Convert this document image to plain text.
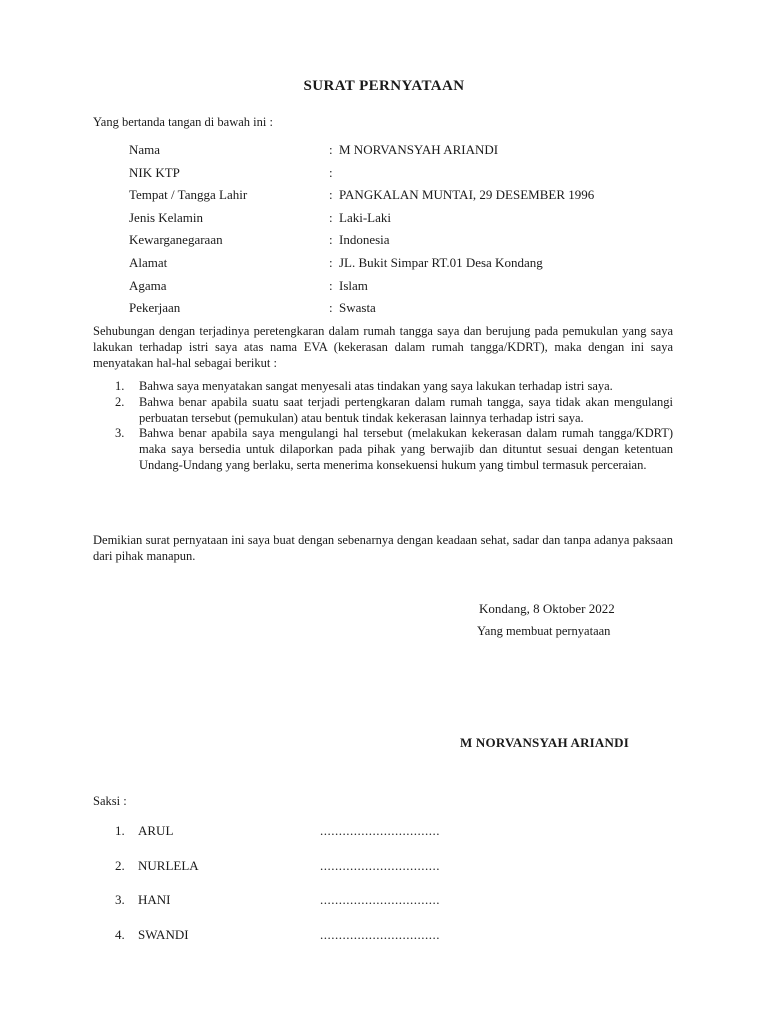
SURAT PERNYATAAN
Yang bertanda tangan di bawah ini :
Nama	: M NORVANSYAH ARIANDI
NIK KTP	:
Tempat / Tangga Lahir	: PANGKALAN MUNTAI, 29 DESEMBER 1996
Jenis Kelamin	: Laki-Laki
Kewarganegaraan	: Indonesia
Alamat	: JL. Bukit Simpar RT.01 Desa Kondang
Agama	: Islam
Pekerjaan	: Swasta
Sehubungan dengan terjadinya peretengkaran dalam rumah tangga saya dan berujung pada pemukulan yang saya lakukan terhadap istri saya atas nama EVA (kekerasan dalam rumah tangga/KDRT), maka dengan ini saya menyatakan hal-hal sebagai berikut :
1. Bahwa saya menyatakan sangat menyesali atas tindakan yang saya lakukan terhadap istri saya.
2. Bahwa benar apabila suatu saat terjadi pertengkaran dalam rumah tangga, saya tidak akan mengulangi perbuatan tersebut (pemukulan) atau bentuk tindak kekerasan lainnya terhadap istri saya.
3. Bahwa benar apabila saya mengulangi hal tersebut (melakukan kekerasan dalam rumah tangga/KDRT) maka saya bersedia untuk dilaporkan pada pihak yang berwajib dan dituntut sesuai dengan ketentuan Undang-Undang yang berlaku, serta menerima konsekuensi hukum yang timbul termasuk perceraian.
Demikian surat pernyataan ini saya buat dengan sebenarnya dengan keadaan sehat, sadar dan tanpa adanya paksaan dari pihak manapun.
Kondang, 8 Oktober 2022
Yang membuat pernyataan
M NORVANSYAH ARIANDI
Saksi :
1. ARUL	................................
2. NURLELA	................................
3. HANI	................................
4. SWANDI	................................
